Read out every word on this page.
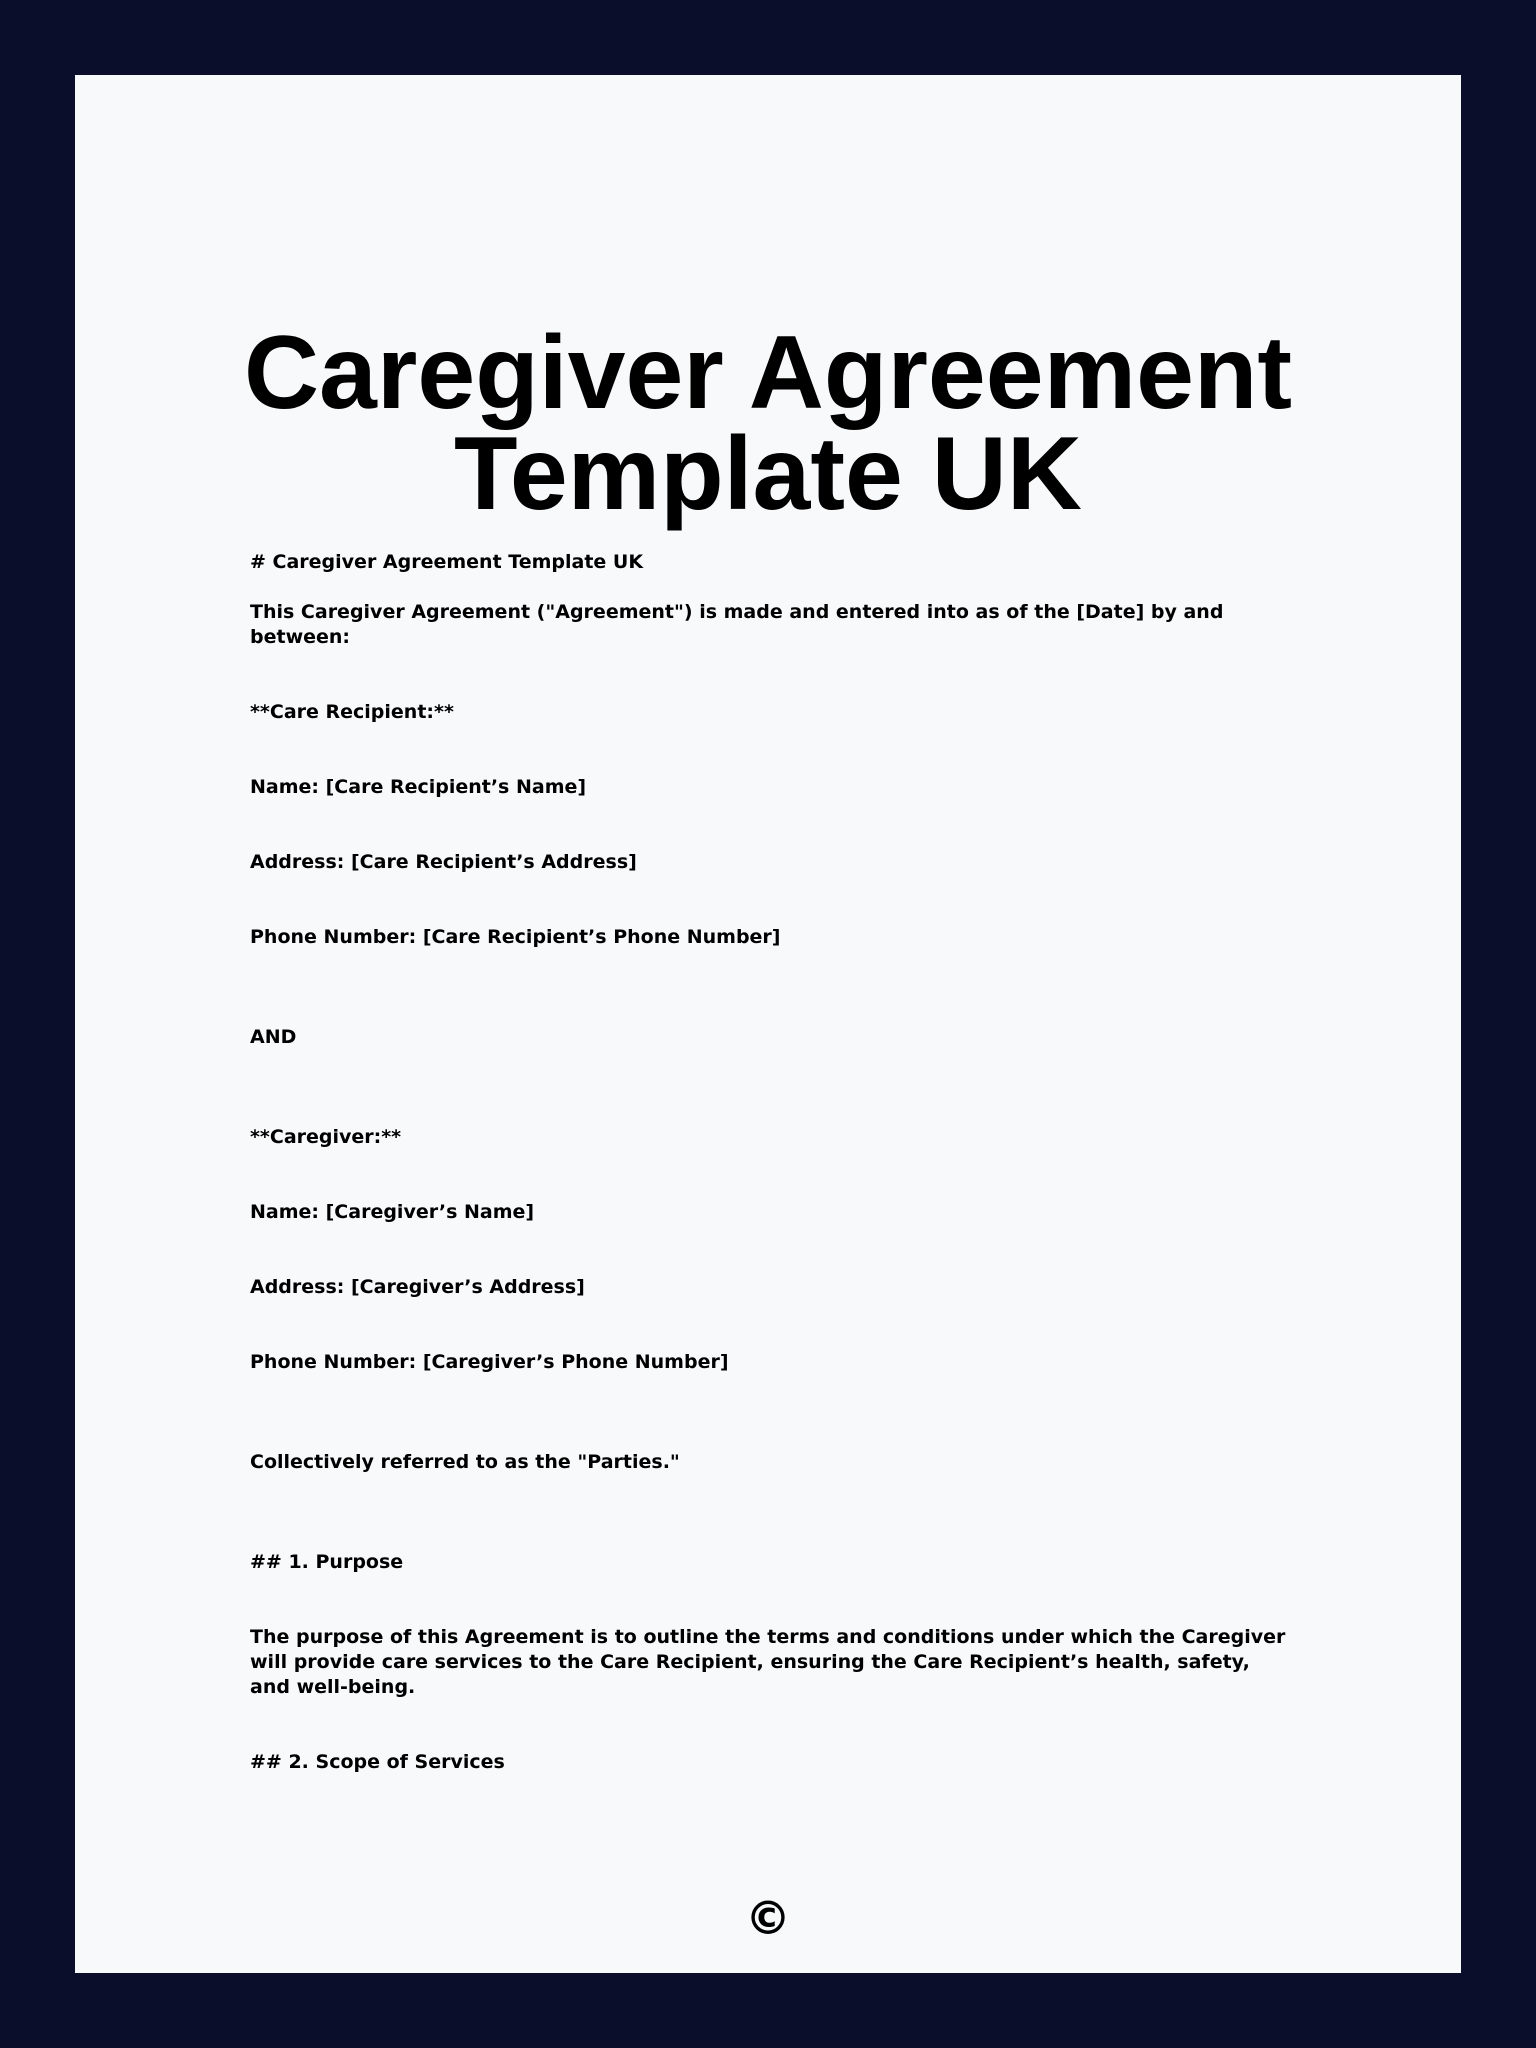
Caregiver Agreement
Template UK

# Caregiver Agreement Template UK

This Caregiver Agreement ("Agreement") is made and entered into as of the [Date] by and between:

**Care Recipient:**

Name: [Care Recipient’s Name]

Address: [Care Recipient’s Address]

Phone Number: [Care Recipient’s Phone Number]

AND

**Caregiver:**

Name: [Caregiver’s Name]

Address: [Caregiver’s Address]

Phone Number: [Caregiver’s Phone Number]

Collectively referred to as the "Parties."

## 1. Purpose

The purpose of this Agreement is to outline the terms and conditions under which the Caregiver will provide care services to the Care Recipient, ensuring the Care Recipient’s health, safety, and well-being.

## 2. Scope of Services

©
